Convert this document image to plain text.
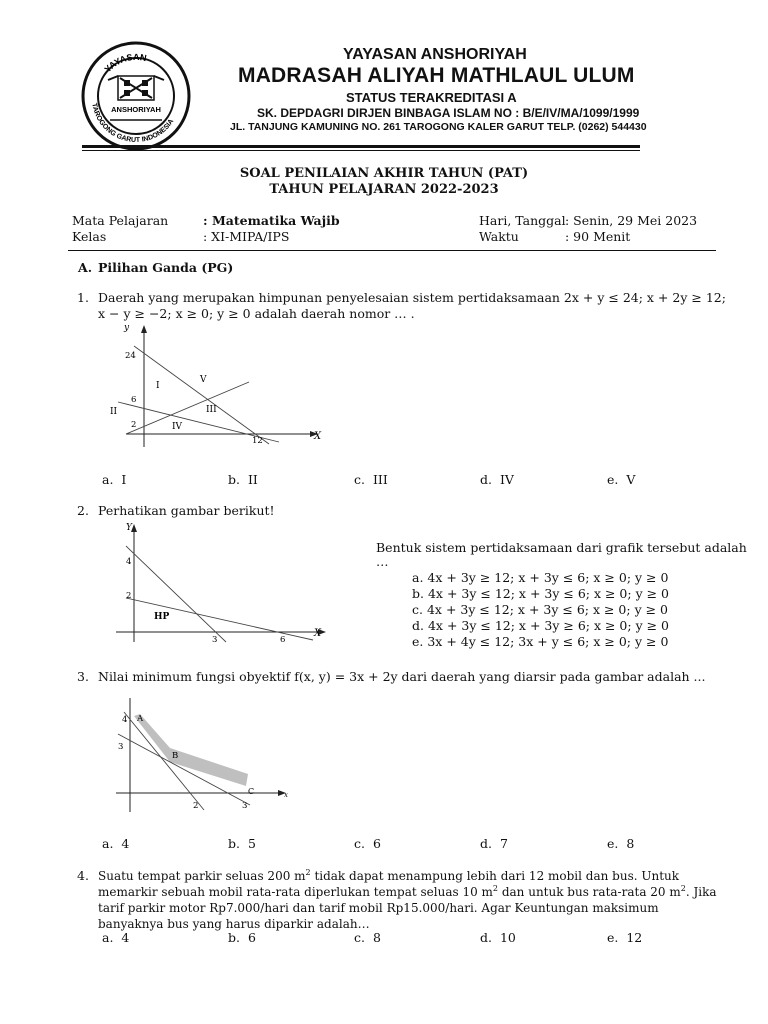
YAYASAN
TAROGONG GARUT INDONESIA
ANSHORIYAH
YAYASAN ANSHORIYAH
MADRASAH ALIYAH MATHLAUL ULUM
STATUS TERAKREDITASI A
SK. DEPDAGRI DIRJEN BINBAGA ISLAM NO : B/E/IV/MA/1099/1999
JL. TANJUNG KAMUNING NO. 261 TAROGONG KALER GARUT TELP. (0262) 544430
SOAL PENILAIAN AKHIR TAHUN (PAT)
TAHUN PELAJARAN 2022-2023
Mata Pelajaran	: Matematika Wajib
Kelas	: XI-MIPA/IPS
Hari, Tanggal : Senin, 29 Mei 2023
Waktu	: 90 Menit
A. Pilihan Ganda (PG)
1. Daerah yang merupakan himpunan penyelesaian sistem pertidaksamaan 2x + y ≤ 24; x + 2y ≥ 12;
x − y ≥ −2; x ≥ 0; y ≥ 0 adalah daerah nomor … .
y
X
24
6
2
12
I
II	III
IV
V
a. I	b. II	c. III	d. IV	e. V
2. Perhatikan gambar berikut!
Y
X
4
2
3	6
HP
Bentuk sistem pertidaksamaan dari grafik tersebut adalah
…
a. 4x + 3y ≥ 12; x + 3y ≤ 6; x ≥ 0; y ≥ 0
b. 4x + 3y ≤ 12; x + 3y ≤ 6; x ≥ 0; y ≥ 0
c. 4x + 3y ≤ 12; x + 3y ≤ 6; x ≥ 0; y ≥ 0
d. 4x + 3y ≤ 12; x + 3y ≥ 6; x ≥ 0; y ≥ 0
e. 3x + 4y ≤ 12; 3x + y ≤ 6; x ≥ 0; y ≥ 0
3. Nilai minimum fungsi obyektif f(x, y) = 3x + 2y dari daerah yang diarsir pada gambar adalah ...
4
3
2	3
A
B
C	x
a. 4	b. 5	c. 6	d. 7	e. 8
4. Suatu tempat parkir seluas 200 $m^2$ tidak dapat menampung lebih dari 12 mobil dan bus. Untuk
memarkir sebuah mobil rata-rata diperlukan tempat seluas 10 $m^2$ dan untuk bus rata-rata 20 $m^2$. Jika
tarif parkir motor Rp7.000/hari dan tarif mobil Rp15.000/hari. Agar Keuntungan maksimum
banyaknya bus yang harus diparkir adalah…
a. 4	b. 6	c. 8	d. 10	e. 12
